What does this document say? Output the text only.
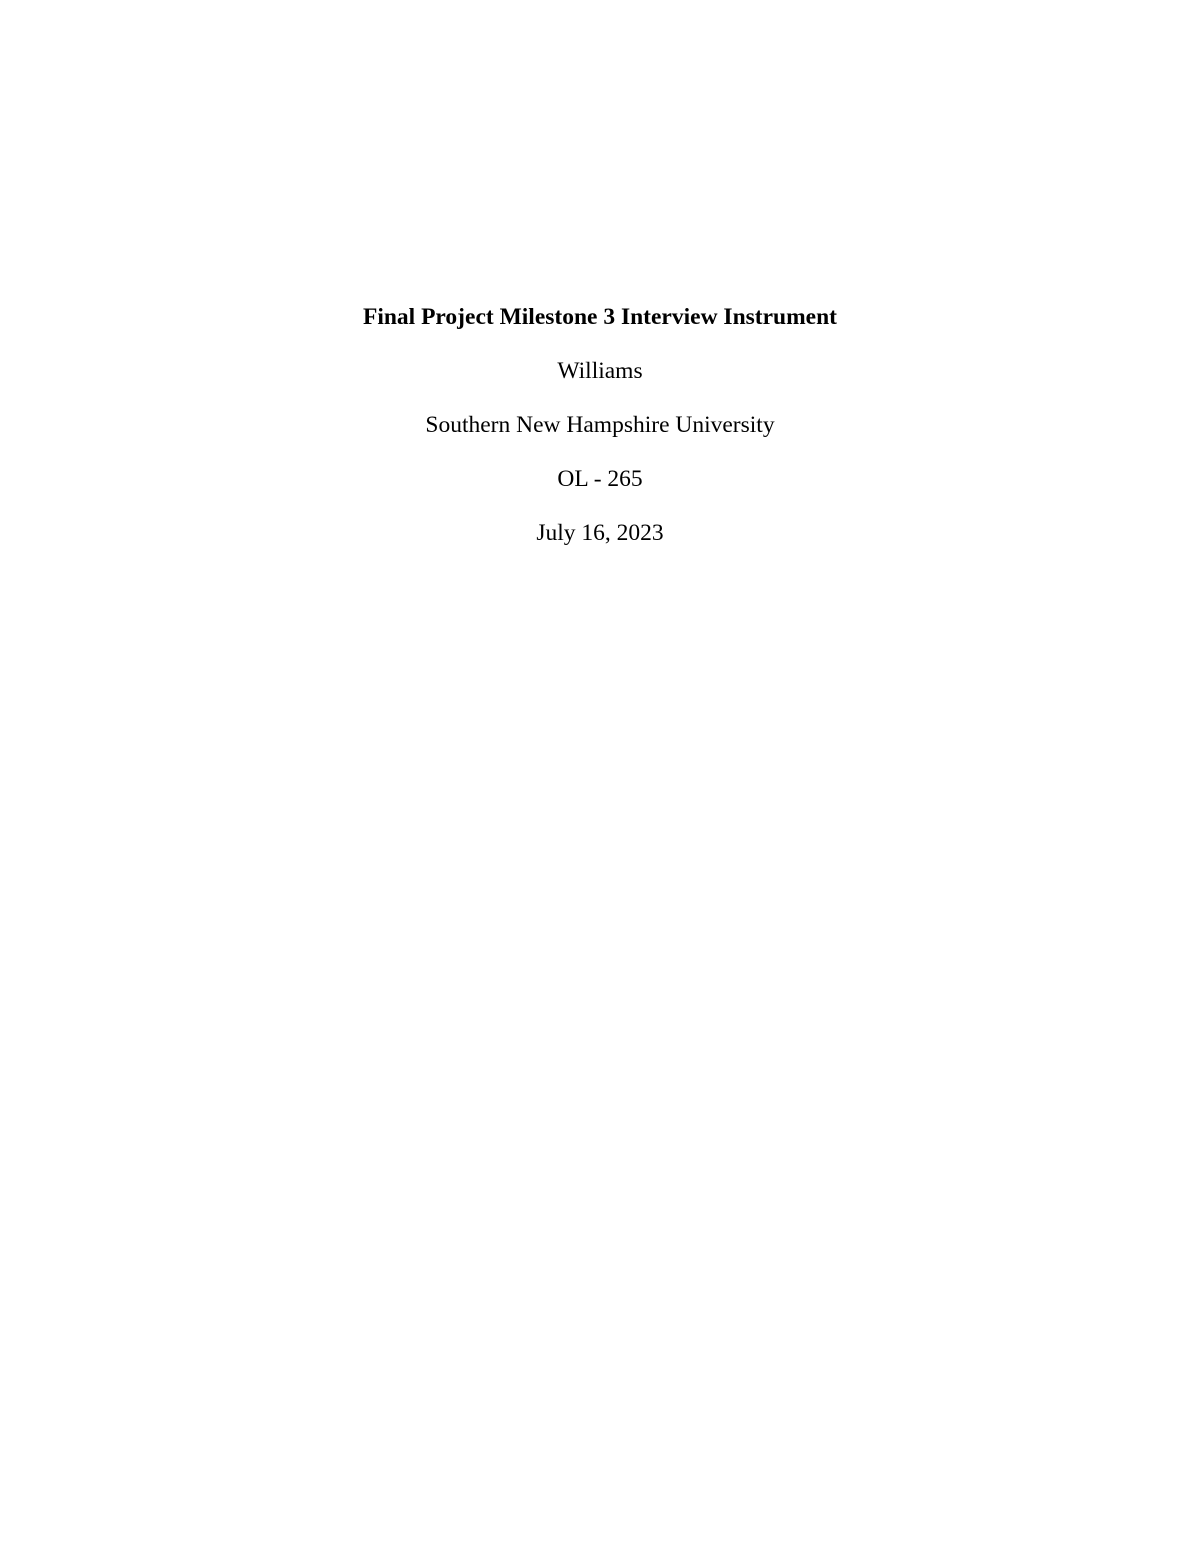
Final Project Milestone 3 Interview Instrument

Williams

Southern New Hampshire University

OL - 265

July 16, 2023
